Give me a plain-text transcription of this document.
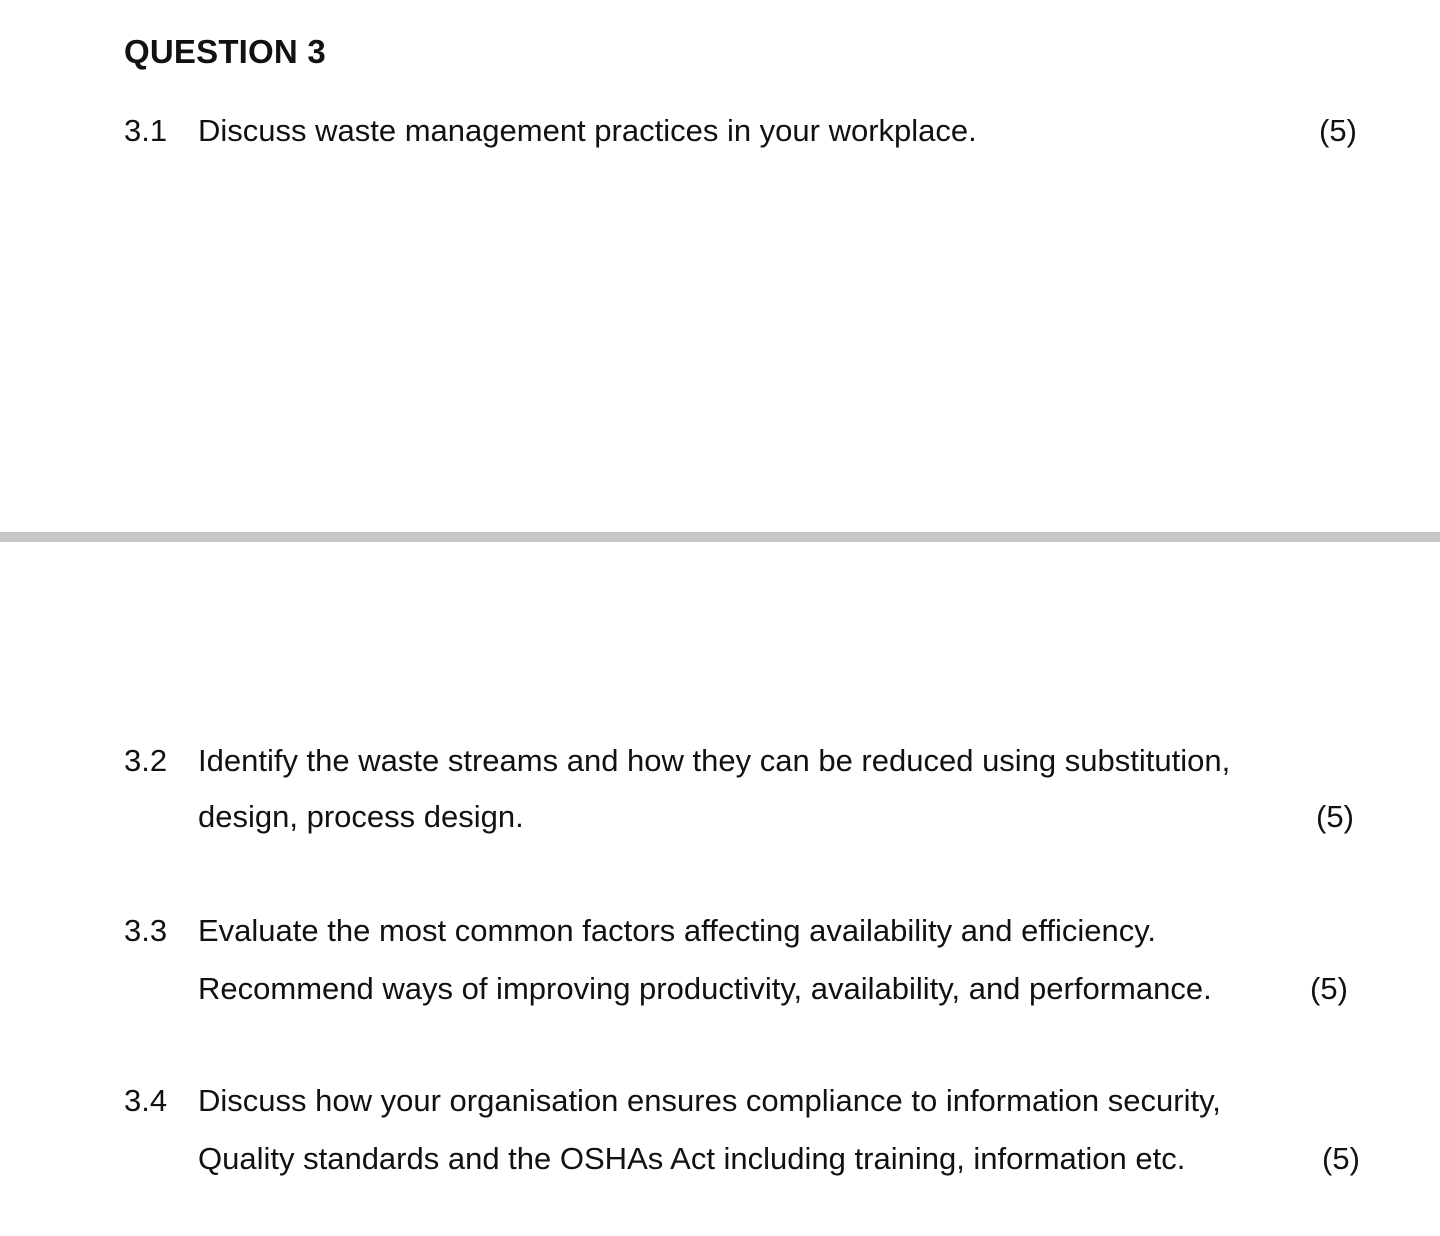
QUESTION 3
3.1 Discuss waste management practices in your workplace.	(5)
3.2 Identify the waste streams and how they can be reduced using substitution,
design, process design.	(5)
3.3 Evaluate the most common factors affecting availability and efficiency.
Recommend ways of improving productivity, availability, and performance.	(5)
3.4 Discuss how your organisation ensures compliance to information security,
Quality standards and the OSHAs Act including training, information etc.	(5)
